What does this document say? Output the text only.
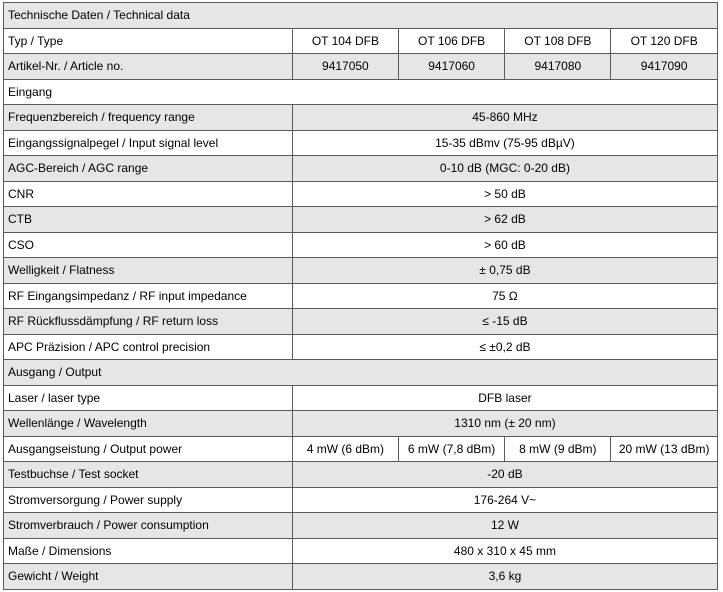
Technische Daten / Technical data				
Typ / Type	OT 104 DFB	OT 106 DFB	OT 108 DFB	OT 120 DFB
Artikel-Nr. / Article no.	9417050	9417060	9417080	9417090
Eingang				
Frequenzbereich / frequency range	45-860 MHz			
Eingangssignalpegel / Input signal level	15-35 dBmv (75-95 dBµV)			
AGC-Bereich / AGC range	0-10 dB (MGC: 0-20 dB)			
CNR	> 50 dB			
CTB	> 62 dB			
CSO	> 60 dB			
Welligkeit / Flatness	± 0,75 dB			
RF Eingangsimpedanz / RF input impedance	75 Ω			
RF Rückflussdämpfung / RF return loss	≤ -15 dB			
APC Präzision / APC control precision	≤ ±0,2 dB			
Ausgang / Output				
Laser / laser type	DFB laser			
Wellenlänge / Wavelength	1310 nm (± 20 nm)			
Ausgangseistung / Output power	4 mW (6 dBm)	6 mW (7,8 dBm)	8 mW (9 dBm)	20 mW (13 dBm)
Testbuchse / Test socket	-20 dB			
Stromversorgung / Power supply	176-264 V~			
Stromverbrauch / Power consumption	12 W			
Maße / Dimensions	480 x 310 x 45 mm			
Gewicht / Weight	3,6 kg			
